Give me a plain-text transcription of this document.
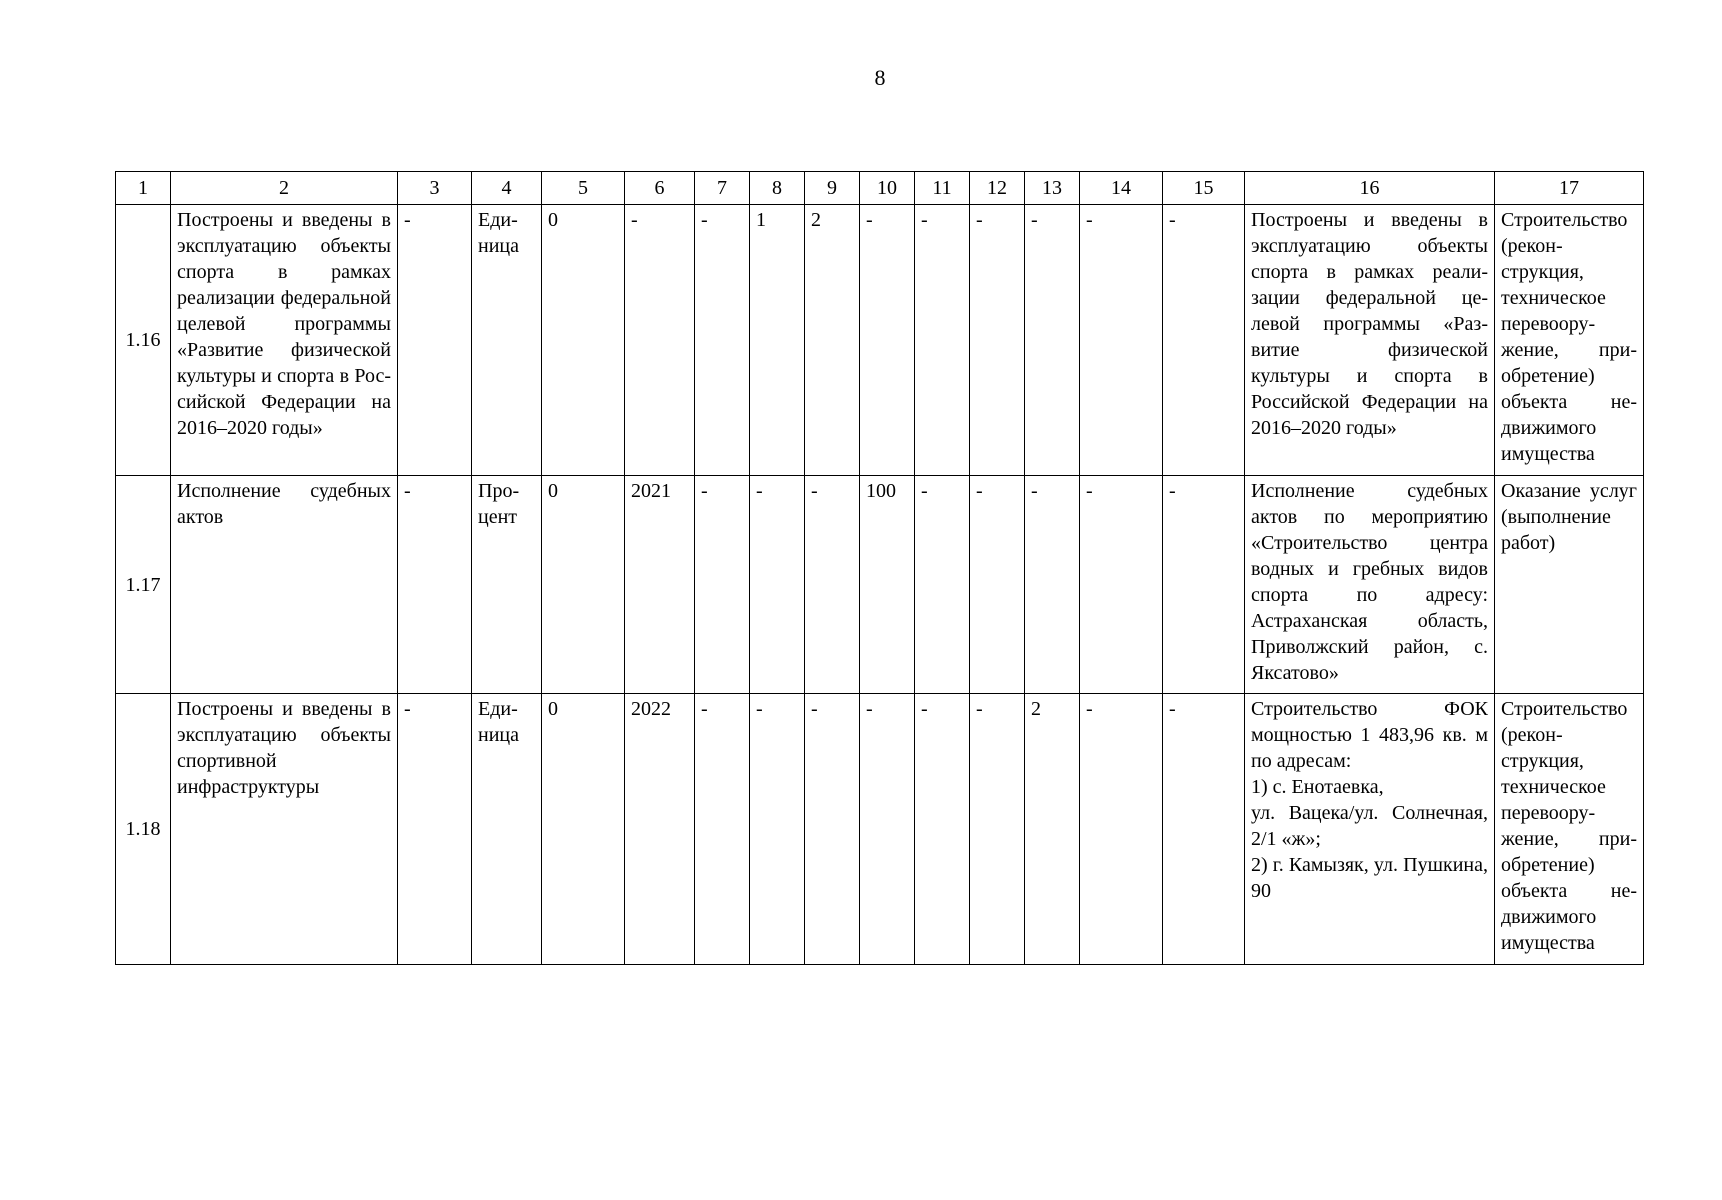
8
1	2	3	4	5	6	7	8	9	10	11	12	13	14	15	16	17
1.16	Построены и введены в эксплуатацию объекты спорта в рамках реализации федеральной целевой программы «Развитие физической культуры и спорта в Российской Федерации на 2016–2020 годы»	-	Единица	0	-	-	1	2	-	-	-	-	-	-	Построены и введены в эксплуатацию объекты спорта в рамках реализации федеральной целевой программы «Развитие физической культуры и спорта в Российской Федерации на 2016–2020 годы»	Строительство (реконструкция, техническое перевооружение, приобретение) объекта недвижимого имущества
1.17	Исполнение судебных актов	-	Процент	0	2021	-	-	-	100	-	-	-	-	-	Исполнение судебных актов по мероприятию «Строительство центра водных и гребных видов спорта по адресу: Астраханская область, Приволжский район, с. Яксатово»	Оказание услуг (выполнение работ)
1.18	Построены и введены в эксплуатацию объекты спортивной инфраструктуры	-	Единица	0	2022	-	-	-	-	-	-	2	-	-	Строительство ФОК мощностью 1 483,96 кв. м по адресам:
1) с. Енотаевка,
ул. Вацека/ул. Солнечная, 2/1 «ж»;
2) г. Камызяк, ул. Пушкина, 90	Строительство (реконструкция, техническое перевооружение, приобретение) объекта недвижимого имущества
